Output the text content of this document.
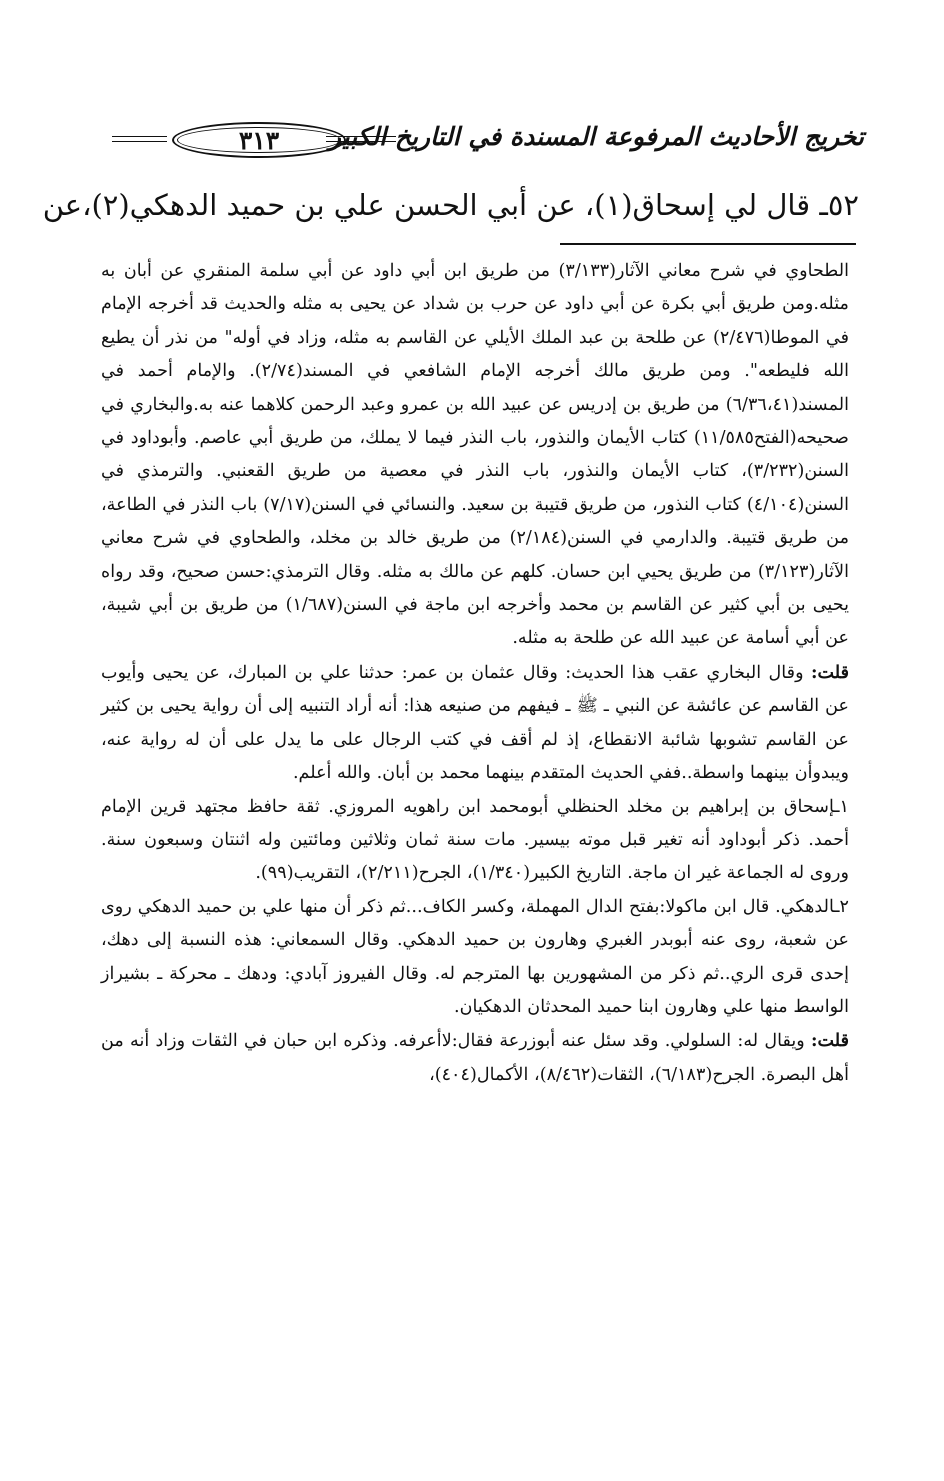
تخريج الأحاديث المرفوعة المسندة في التاريخ الكبير
٣١٣
٥٢ـ قال لي إسحاق(١)، عن أبي الحسن علي بن حميد الدهكي(٢)،عن

الطحاوي في شرح معاني الآثار(٣/١٣٣) من طريق ابن أبي داود عن أبي سلمة المنقري عن أبان به مثله.ومن طريق أبي بكرة عن أبي داود عن حرب بن شداد عن يحيى به مثله والحديث قد أخرجه الإمام في الموطا(٢/٤٧٦) عن طلحة بن عبد الملك الأيلي عن القاسم به مثله، وزاد في أوله" من نذر أن يطيع الله فليطعه". ومن طريق مالك أخرجه الإمام الشافعي في المسند(٢/٧٤). والإمام أحمد في المسند(٦/٣٦،٤١) من طريق بن إدريس عن عبيد الله بن عمرو وعبد الرحمن كلاهما عنه به.والبخاري في صحيحه(الفتح١١/٥٨٥) كتاب الأيمان والنذور، باب النذر فيما لا يملك، من طريق أبي عاصم. وأبوداود في السنن(٣/٢٣٢)، كتاب الأيمان والنذور، باب النذر في معصية من طريق القعنبي. والترمذي في السنن(٤/١٠٤) كتاب النذور، من طريق قتيبة بن سعيد. والنسائي في السنن(٧/١٧) باب النذر في الطاعة، من طريق قتيبة. والدارمي في السنن(٢/١٨٤) من طريق خالد بن مخلد، والطحاوي في شرح معاني الآثار(٣/١٢٣) من طريق يحيي ابن حسان. كلهم عن مالك به مثله. وقال الترمذي:حسن صحيح، وقد رواه يحيى بن أبي كثير عن القاسم بن محمد وأخرجه ابن ماجة في السنن(١/٦٨٧) من طريق بن أبي شيبة، عن أبي أسامة عن عبيد الله عن طلحة به مثله.

قلت: وقال البخاري عقب هذا الحديث: وقال عثمان بن عمر: حدثنا علي بن المبارك، عن يحيى وأيوب عن القاسم عن عائشة عن النبي ـ ﷺ ـ فيفهم من صنيعه هذا: أنه أراد التنبيه إلى أن رواية يحيى بن كثير عن القاسم تشوبها شائبة الانقطاع، إذ لم أقف في كتب الرجال على ما يدل على أن له رواية عنه، ويبدوأن بينهما واسطة..ففي الحديث المتقدم بينهما محمد بن أبان. والله أعلم.

١ـإسحاق بن إبراهيم بن مخلد الحنظلي أبومحمد ابن راهويه المروزي. ثقة حافظ مجتهد قرين الإمام أحمد. ذكر أبوداود أنه تغير قبل موته بيسير. مات سنة ثمان وثلاثين ومائتين وله اثنتان وسبعون سنة. وروى له الجماعة غير ان ماجة. التاريخ الكبير(١/٣٤٠)، الجرح(٢/٢١١)، التقريب(٩٩).

٢ـالدهكي. قال ابن ماكولا:بفتح الدال المهملة، وكسر الكاف...ثم ذكر أن منها علي بن حميد الدهكي روى عن شعبة، روى عنه أبوبدر الغبري وهارون بن حميد الدهكي. وقال السمعاني: هذه النسبة إلى دهك، إحدى قرى الري..ثم ذكر من المشهورين بها المترجم له. وقال الفيروز آبادي: ودهك ـ محركة ـ بشيراز الواسط منها علي وهارون ابنا حميد المحدثان الدهكيان.

قلت: ويقال له: السلولي. وقد سئل عنه أبوزرعة فقال:لاأعرفه. وذكره ابن حبان في الثقات وزاد أنه من أهل البصرة. الجرح(٦/١٨٣)، الثقات(٨/٤٦٢)، الأكمال(٤٠٤)،
